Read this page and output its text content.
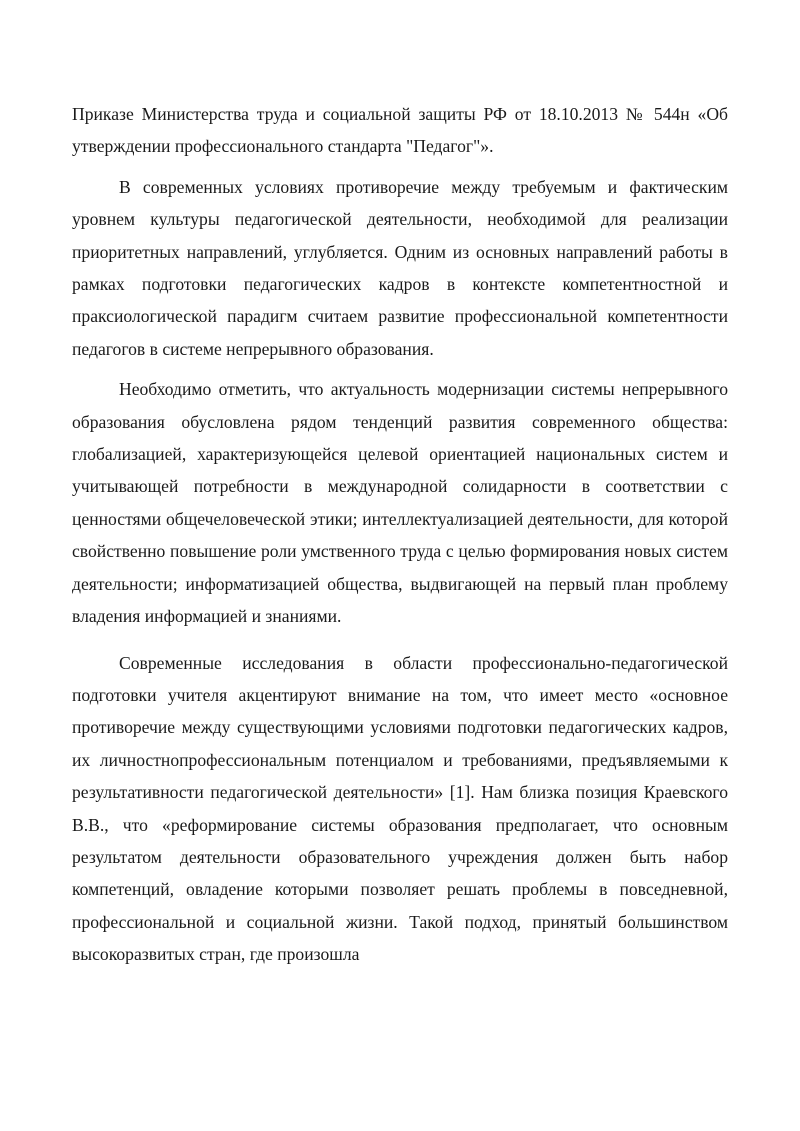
Приказе Министерства труда и социальной защиты РФ от 18.10.2013 № 544н «Об утверждении профессионального стандарта "Педагог"».

В современных условиях противоречие между требуемым и фактическим уровнем культуры педагогической деятельности, необходимой для реализации приоритетных направлений, углубляется. Одним из основных направлений работы в рамках подготовки педагогических кадров в контексте компетентностной и праксиологической парадигм считаем развитие профессиональной компетентности педагогов в системе непрерывного образования.

Необходимо отметить, что актуальность модернизации системы непрерывного образования обусловлена рядом тенденций развития современного общества: глобализацией, характеризующейся целевой ориентацией национальных систем и учитывающей потребности в международной солидарности в соответствии с ценностями общечеловеческой этики; интеллектуализацией деятельности, для которой свойственно повышение роли умственного труда с целью формирования новых систем деятельности; информатизацией общества, выдвигающей на первый план проблему владения информацией и знаниями.

Современные исследования в области профессионально-педагогической подготовки учителя акцентируют внимание на том, что имеет место «основное противоречие между существующими условиями подготовки педагогических кадров, их личностнопрофессиональным потенциалом и требованиями, предъявляемыми к результативности педагогической деятельности» [1]. Нам близка позиция Краевского В.В., что «реформирование системы образования предполагает, что основным результатом деятельности образовательного учреждения должен быть набор компетенций, овладение которыми позволяет решать проблемы в повседневной, профессиональной и социальной жизни. Такой подход, принятый большинством высокоразвитых стран, где произошла
